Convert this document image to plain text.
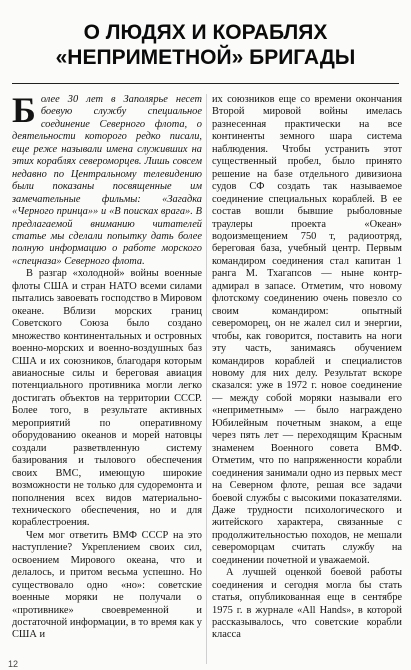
О ЛЮДЯХ И КОРАБЛЯХ
«НЕПРИМЕТНОЙ» БРИГАДЫ

Более 30 лет в Заполярье несет боевую службу специальное соединение Северного флота, о деятельности которого редко писали, еще реже называли имена служивших на этих кораблях североморцев. Лишь совсем недавно по Центральному телевидению были показаны посвященные им замечательные фильмы: «Загадка «Черного принца»» и «В поисках врага». В предлагаемой вниманию читателей статье мы сделали попытку дать более полную информацию о работе морского «спецназа» Северного флота.

В разгар «холодной» войны военные флоты США и стран НАТО всеми силами пытались завоевать господство в Мировом океане. Вблизи морских границ Советского Союза было создано множество континентальных и островных военно-морских и военно-воздушных баз США и их союзников, благодаря которым авианосные силы и береговая авиация потенциального противника могли легко достигать объектов на территории СССР. Более того, в результате активных мероприятий по оперативному оборудованию океанов и морей натовцы создали разветвленную систему базирования и тылового обеспечения своих ВМС, имеющую широкие возможности не только для судоремонта и пополнения всех видов материально-технического обеспечения, но и для кораблестроения.

Чем мог ответить ВМФ СССР на это наступление? Укреплением своих сил, освоением Мирового океана, что и делалось, и притом весьма успешно. Но существовало одно «но»: советские военные моряки не получали о «противнике» своевременной и достаточной информации, в то время как у США и

их союзников еще со времени окончания Второй мировой войны имелась разнесенная практически на все континенты земного шара система наблюдения. Чтобы устранить этот существенный пробел, было принято решение на базе отдельного дивизиона судов СФ создать так называемое соединение специальных кораблей. В ее состав вошли бывшие рыболовные траулеры проекта «Океан» водоизмещением 750 т, радиоотряд, береговая база, учебный центр. Первым командиром соединения стал капитан 1 ранга М. Тхагапсов — ныне контр-адмирал в запасе. Отметим, что новому флотскому соединению очень повезло со своим командиром: опытный североморец, он не жалел сил и энергии, чтобы, как говорится, поставить на ноги эту часть, занимаясь обучением командиров кораблей и специалистов новому для них делу. Результат вскоре сказался: уже в 1972 г. новое соединение — между собой моряки называли его «неприметным» — было награждено Юбилейным почетным знаком, а еще через пять лет — переходящим Красным знаменем Военного совета ВМФ. Отметим, что по напряженности корабли соединения занимали одно из первых мест на Северном флоте, решая все задачи боевой службы с высокими показателями. Даже трудности психологического и житейского характера, связанные с продолжительностью походов, не мешали североморцам считать службу на соединении почетной и уважаемой.

А лучшей оценкой боевой работы соединения и сегодня могла бы стать статья, опубликованная еще в сентябре 1975 г. в журнале «All Hands», в которой рассказывалось, что советские корабли класса

12
